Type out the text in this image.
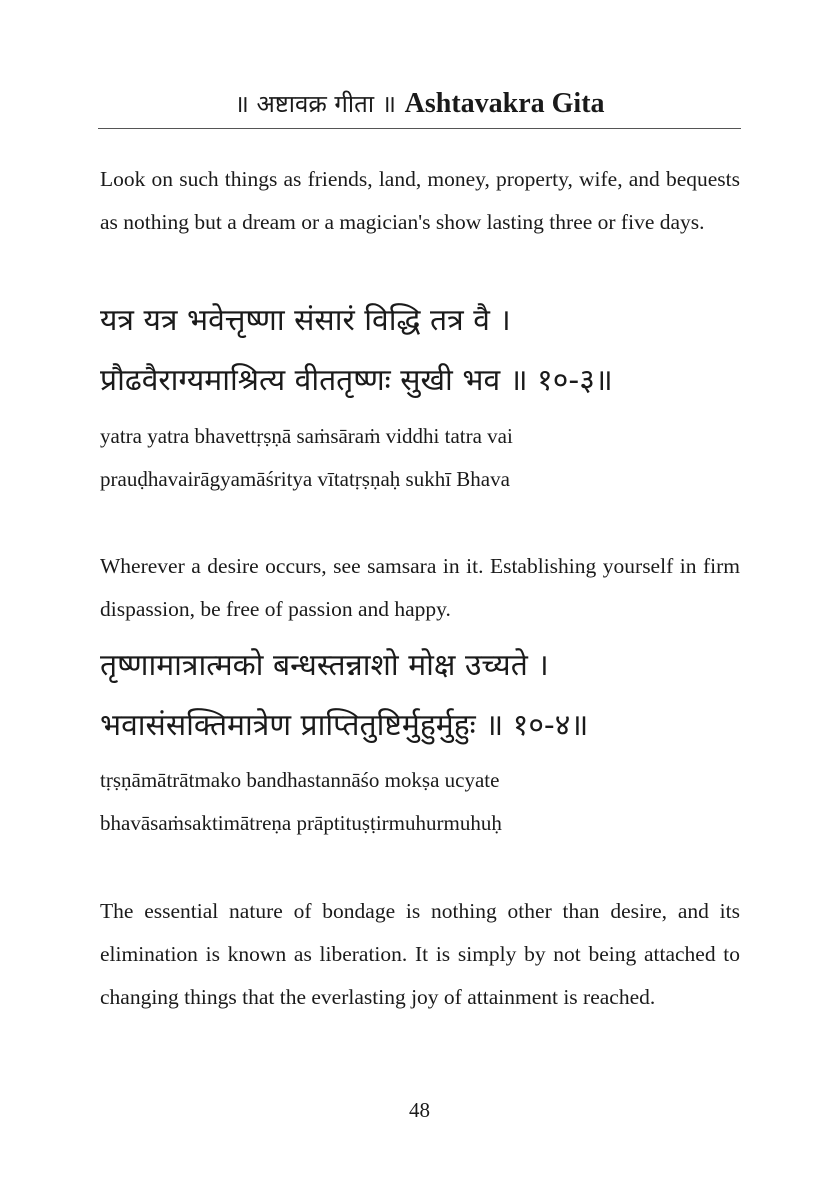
॥ अष्टावक्र गीता ॥ Ashtavakra Gita

Look on such things as friends, land, money, property, wife, and bequests as nothing but a dream or a magician's show lasting three or five days.

यत्र यत्र भवेत्तृष्णा संसारं विद्धि तत्र वै ।
प्रौढवैराग्यमाश्रित्य वीततृष्णः सुखी भव ॥ १०-३॥
yatra yatra bhavettṛṣṇā saṁsāraṁ viddhi tatra vai
prauḍhavairāgyamāśritya vītatṛṣṇaḥ sukhī Bhava

Wherever a desire occurs, see samsara in it. Establishing yourself in firm dispassion, be free of passion and happy.

तृष्णामात्रात्मको बन्धस्तन्नाशो मोक्ष उच्यते ।
भवासंसक्तिमात्रेण प्राप्तितुष्टिर्मुहुर्मुहुः ॥ १०-४॥
tṛṣṇāmātrātmako bandhastannāśo mokṣa ucyate
bhavāsaṁsaktimātreṇa prāptituṣṭirmuhurmuhuḥ

The essential nature of bondage is nothing other than desire, and its elimination is known as liberation. It is simply by not being attached to changing things that the everlasting joy of attainment is reached.

48
